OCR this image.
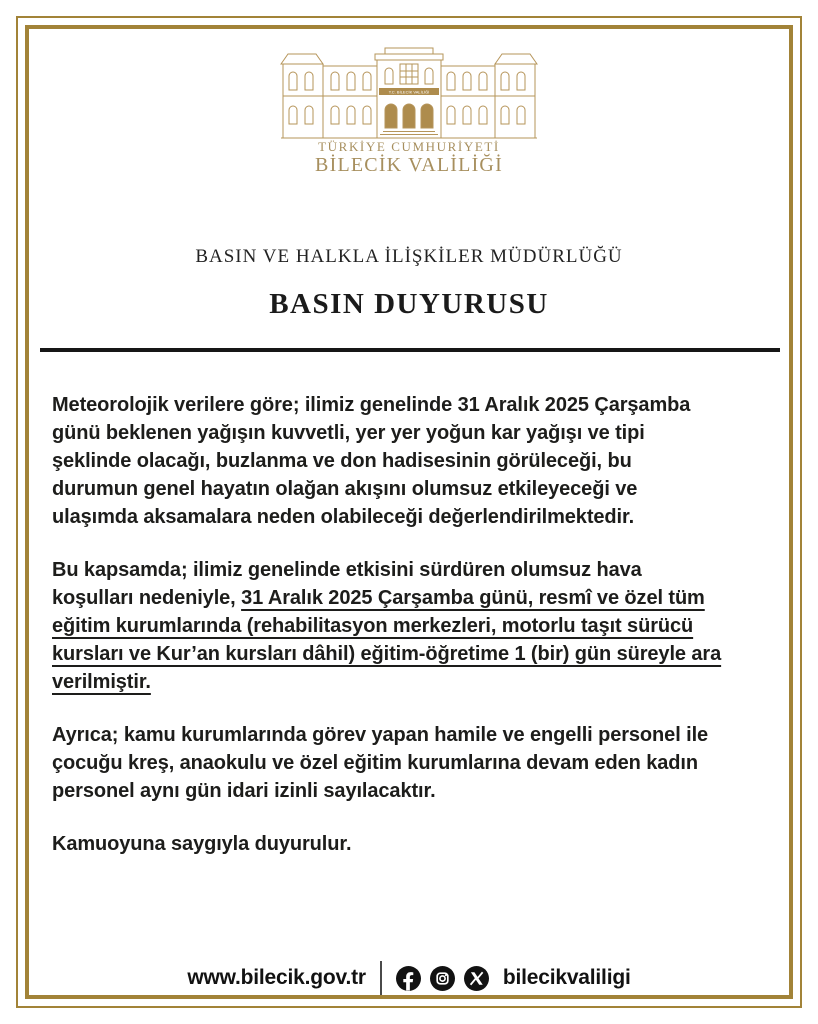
T.C. BİLECİK VALİLİĞİ
TÜRKİYE CUMHURİYETİ
BİLECİK VALİLİĞİ
BASIN VE HALKLA İLİŞKİLER MÜDÜRLÜĞÜ
BASIN DUYURUSU

Meteorolojik verilere göre; ilimiz genelinde 31 Aralık 2025 Çarşamba
günü beklenen yağışın kuvvetli, yer yer yoğun kar yağışı ve tipi
şeklinde olacağı, buzlanma ve don hadisesinin görüleceği, bu
durumun genel hayatın olağan akışını olumsuz etkileyeceği ve
ulaşımda aksamalara neden olabileceği değerlendirilmektedir.

Bu kapsamda; ilimiz genelinde etkisini sürdüren olumsuz hava
koşulları nedeniyle, 31 Aralık 2025 Çarşamba günü, resmî ve özel tüm
eğitim kurumlarında (rehabilitasyon merkezleri, motorlu taşıt sürücü
kursları ve Kur’an kursları dâhil) eğitim-öğretime 1 (bir) gün süreyle ara
verilmiştir.

Ayrıca; kamu kurumlarında görev yapan hamile ve engelli personel ile
çocuğu kreş, anaokulu ve özel eğitim kurumlarına devam eden kadın
personel aynı gün idari izinli sayılacaktır.

Kamuoyuna saygıyla duyurulur.

www.bilecik.gov.tr	bilecikvaliligi
